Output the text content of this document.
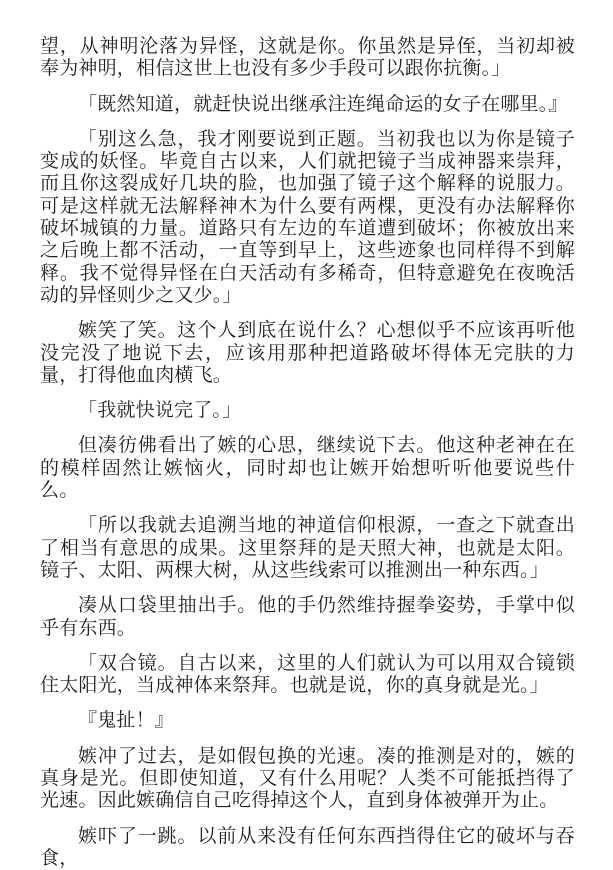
望，从神明沦落为异怪，这就是你。你虽然是异侄，当初却被奉为神明，相信这世上也没有多少手段可以跟你抗衡。」

「既然知道，就赶快说出继承注连绳命运的女子在哪里。』

「别这么急，我才刚要说到正题。当初我也以为你是镜子变成的妖怪。毕竟自古以来，人们就把镜子当成神器来崇拜，而且你这裂成好几块的脸，也加强了镜子这个解释的说服力。可是这样就无法解释神木为什么要有两棵，更没有办法解释你破坏城镇的力量。道路只有左边的车道遭到破坏；你被放出来之后晚上都不活动，一直等到早上，这些迹象也同样得不到解释。我不觉得异怪在白天活动有多稀奇，但特意避免在夜晚活动的异怪则少之又少。」

嫉笑了笑。这个人到底在说什么？心想似乎不应该再听他没完没了地说下去，应该用那种把道路破坏得体无完肤的力量，打得他血肉横飞。

「我就快说完了。」

但凑彷佛看出了嫉的心思，继续说下去。他这种老神在在的模样固然让嫉恼火，同时却也让嫉开始想听听他要说些什么。

「所以我就去追溯当地的神道信仰根源，一查之下就查出了相当有意思的成果。这里祭拜的是天照大神，也就是太阳。镜子、太阳、两棵大树，从这些线索可以推测出一种东西。」

凑从口袋里抽出手。他的手仍然维持握拳姿势，手掌中似乎有东西。

「双合镜。自古以来，这里的人们就认为可以用双合镜锁住太阳光，当成神体来祭拜。也就是说，你的真身就是光。」

『鬼扯！』

嫉冲了过去，是如假包换的光速。凑的推测是对的，嫉的真身是光。但即使知道，又有什么用呢？人类不可能抵挡得了光速。因此嫉确信自己吃得掉这个人，直到身体被弹开为止。

嫉吓了一跳。以前从来没有任何东西挡得住它的破坏与吞食，
